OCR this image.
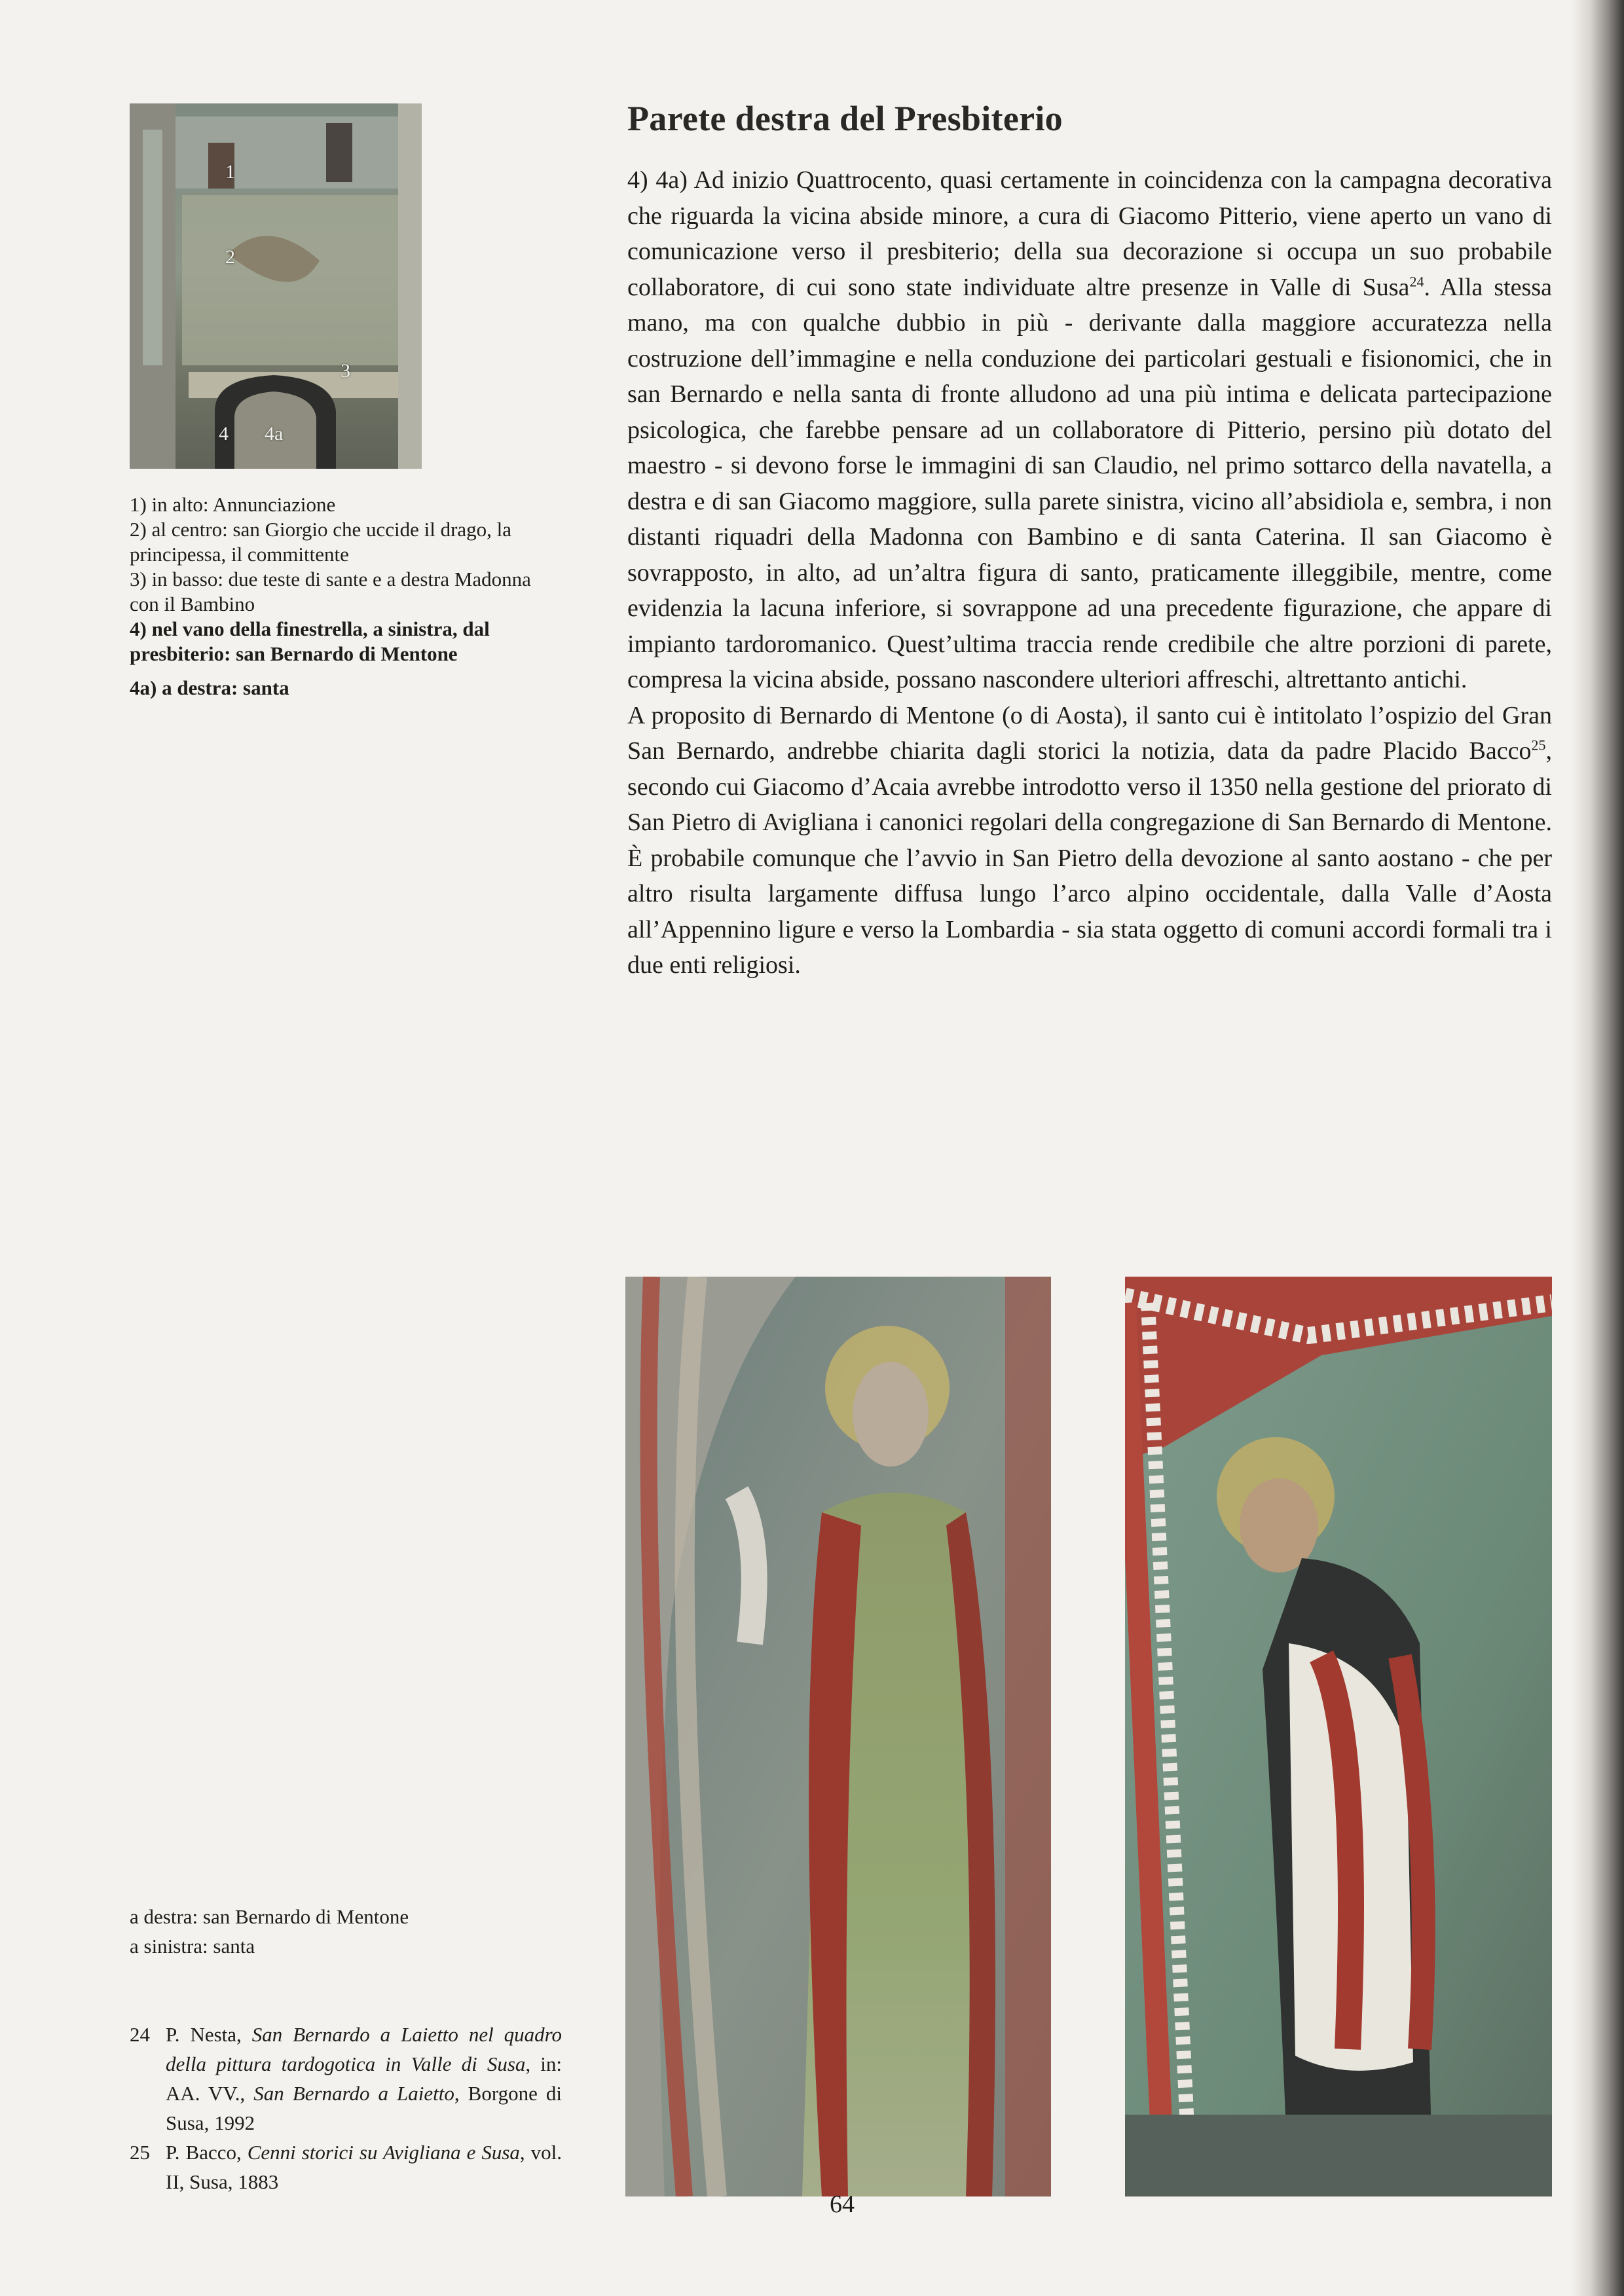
1
2
3
4 4a

1) in alto: Annunciazione

2) al centro: san Giorgio che uccide il drago, la principessa, il committente

3) in basso: due teste di sante e a destra Madonna con il Bambino

4) nel vano della finestrella, a sinistra, dal presbiterio: san Bernardo di Mentone

4a) a destra: santa

Parete destra del Presbiterio

4) 4a) Ad inizio Quattrocento, quasi certamente in coincidenza con la campagna decorativa che riguarda la vicina abside minore, a cura di Giacomo Pitterio, viene aperto un vano di comunicazione verso il presbiterio; della sua decorazione si occupa un suo probabile collaboratore, di cui sono state individuate altre presenze in Valle di Susa$^{24}$. Alla stessa mano, ma con qualche dubbio in più - derivante dalla maggiore accuratezza nella costruzione dell’immagine e nella conduzione dei particolari gestuali e fisionomici, che in san Bernardo e nella santa di fronte alludono ad una più intima e delicata partecipazione psicologica, che farebbe pensare ad un collaboratore di Pitterio, persino più dotato del maestro - si devono forse le immagini di san Claudio, nel primo sottarco della navatella, a destra e di san Giacomo maggiore, sulla parete sinistra, vicino all’absidiola e, sembra, i non distanti riquadri della Madonna con Bambino e di santa Caterina. Il san Giacomo è sovrapposto, in alto, ad un’altra figura di santo, praticamente illeggibile, mentre, come evidenzia la lacuna inferiore, si sovrappone ad una precedente figurazione, che appare di impianto tardoromanico. Quest’ultima traccia rende credibile che altre porzioni di parete, compresa la vicina abside, possano nascondere ulteriori affreschi, altrettanto antichi.

A proposito di Bernardo di Mentone (o di Aosta), il santo cui è intitolato l’ospizio del Gran San Bernardo, andrebbe chiarita dagli storici la notizia, data da padre Placido Bacco$^{25}$, secondo cui Giacomo d’Acaia avrebbe introdotto verso il 1350 nella gestione del priorato di San Pietro di Avigliana i canonici regolari della congregazione di San Bernardo di Mentone. È probabile comunque che l’avvio in San Pietro della devozione al santo aostano - che per altro risulta largamente diffusa lungo l’arco alpino occidentale, dalla Valle d’Aosta all’Appennino ligure e verso la Lombardia - sia stata oggetto di comuni accordi formali tra i due enti religiosi.

a destra: san Bernardo di Mentone

a sinistra: santa

24 P. Nesta, San Bernardo a Laietto nel quadro della pittura tardogotica in Valle di Susa, in: AA. VV., San Bernardo a Laietto, Borgone di Susa, 1992
25 P. Bacco, Cenni storici su Avigliana e Susa, vol. II, Susa, 1883
64
